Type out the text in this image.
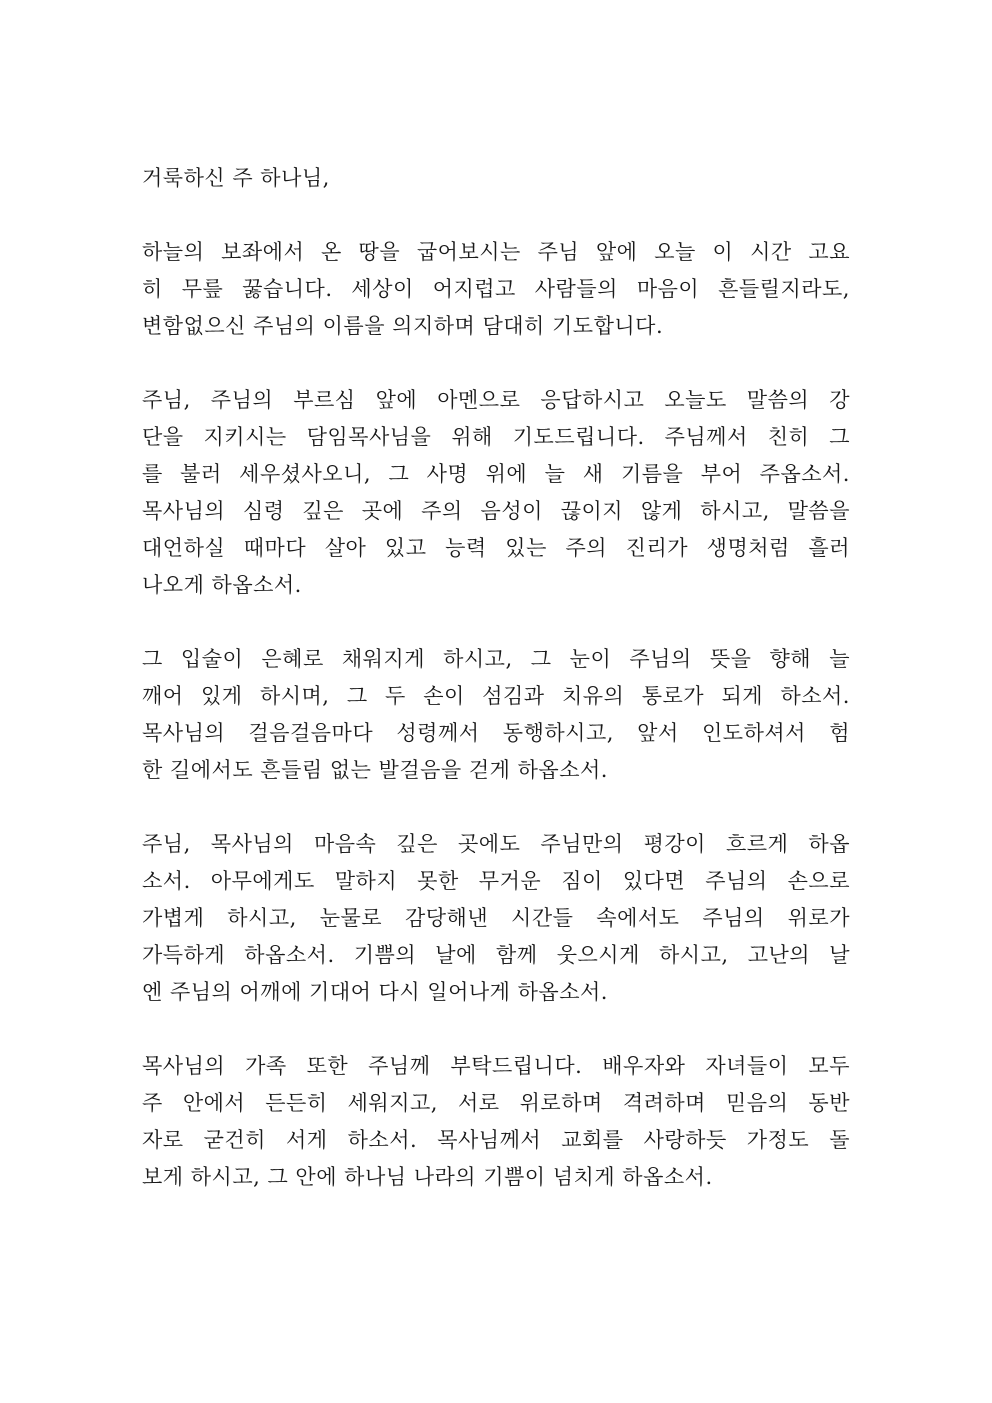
거룩하신 주 하나님,
하늘의 보좌에서 온 땅을 굽어보시는 주님 앞에 오늘 이 시간 고요
히 무릎 꿇습니다. 세상이 어지럽고 사람들의 마음이 흔들릴지라도,
변함없으신 주님의 이름을 의지하며 담대히 기도합니다.
주님, 주님의 부르심 앞에 아멘으로 응답하시고 오늘도 말씀의 강
단을 지키시는 담임목사님을 위해 기도드립니다. 주님께서 친히 그
를 불러 세우셨사오니, 그 사명 위에 늘 새 기름을 부어 주옵소서.
목사님의 심령 깊은 곳에 주의 음성이 끊이지 않게 하시고, 말씀을
대언하실 때마다 살아 있고 능력 있는 주의 진리가 생명처럼 흘러
나오게 하옵소서.
그 입술이 은혜로 채워지게 하시고, 그 눈이 주님의 뜻을 향해 늘
깨어 있게 하시며, 그 두 손이 섬김과 치유의 통로가 되게 하소서.
목사님의 걸음걸음마다 성령께서 동행하시고, 앞서 인도하셔서 험
한 길에서도 흔들림 없는 발걸음을 걷게 하옵소서.
주님, 목사님의 마음속 깊은 곳에도 주님만의 평강이 흐르게 하옵
소서. 아무에게도 말하지 못한 무거운 짐이 있다면 주님의 손으로
가볍게 하시고, 눈물로 감당해낸 시간들 속에서도 주님의 위로가
가득하게 하옵소서. 기쁨의 날에 함께 웃으시게 하시고, 고난의 날
엔 주님의 어깨에 기대어 다시 일어나게 하옵소서.
목사님의 가족 또한 주님께 부탁드립니다. 배우자와 자녀들이 모두
주 안에서 든든히 세워지고, 서로 위로하며 격려하며 믿음의 동반
자로 굳건히 서게 하소서. 목사님께서 교회를 사랑하듯 가정도 돌
보게 하시고, 그 안에 하나님 나라의 기쁨이 넘치게 하옵소서.
